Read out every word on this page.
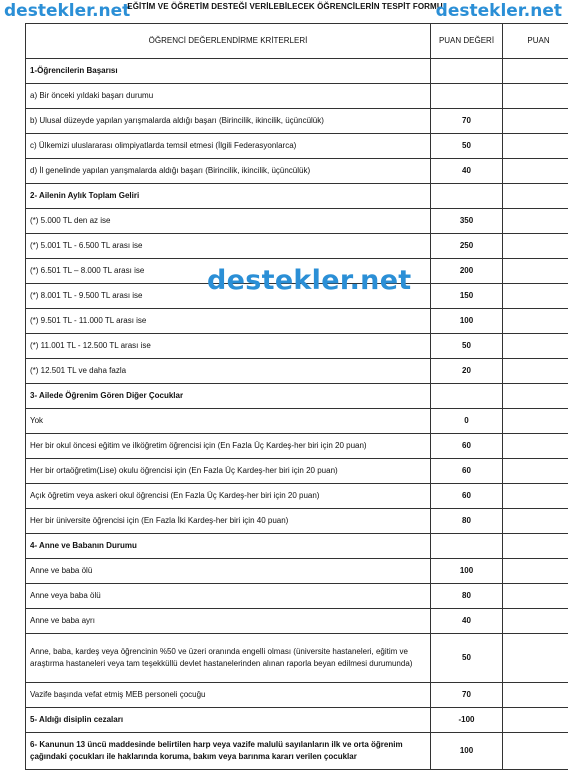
destekler.net
EĞİTİM VE ÖĞRETİM DESTEĞİ VERİLEBİLECEK ÖĞRENCİLERİN TESPİT FORMU
destekler.net
ÖĞRENCİ DEĞERLENDİRME KRİTERLERİ	PUAN DEĞERİ	PUAN
1-Öğrencilerin Başarısı		
a) Bir önceki yıldaki başarı durumu		
b) Ulusal düzeyde yapılan yarışmalarda aldığı başarı (Birincilik, ikincilik, üçüncülük)	70	
c) Ülkemizi uluslararası olimpiyatlarda temsil etmesi (İlgili Federasyonlarca)	50	
d) İl genelinde yapılan yarışmalarda aldığı başarı (Birincilik, ikincilik, üçüncülük)	40	
2- Ailenin Aylık Toplam Geliri		
(*) 5.000 TL den az ise	350	
(*) 5.001 TL - 6.500 TL arası ise	250	
(*) 6.501 TL – 8.000 TL arası ise	200	
(*) 8.001 TL - 9.500 TL arası ise	150	
(*) 9.501 TL - 11.000 TL arası ise	100	
(*) 11.001 TL - 12.500 TL arası ise	50	
(*) 12.501 TL ve daha fazla	20	
3- Ailede Öğrenim Gören Diğer Çocuklar		
Yok	0	
Her bir okul öncesi eğitim ve ilköğretim öğrencisi için (En Fazla Üç Kardeş-her biri için 20 puan)	60	
Her bir ortaöğretim(Lise) okulu öğrencisi için (En Fazla Üç Kardeş-her biri için 20 puan)	60	
Açık öğretim veya askeri okul öğrencisi (En Fazla Üç Kardeş-her biri için 20 puan)	60	
Her bir üniversite öğrencisi için (En Fazla İki Kardeş-her biri için 40 puan)	80	
4- Anne ve Babanın Durumu		
Anne ve baba ölü	100	
Anne veya baba ölü	80	
Anne ve baba ayrı	40	
Anne, baba, kardeş veya öğrencinin %50 ve üzeri oranında engelli olması (üniversite hastaneleri, eğitim ve araştırma hastaneleri veya tam teşekküllü devlet hastanelerinden alınan raporla beyan edilmesi durumunda)	50	
Vazife başında vefat etmiş MEB personeli çocuğu	70	
5- Aldığı disiplin cezaları	-100	
6- Kanunun 13 üncü maddesinde belirtilen harp veya vazife malulü sayılanların ilk ve orta öğrenim çağındaki çocukları ile haklarında koruma, bakım veya barınma kararı verilen çocuklar	100	
destekler.net
